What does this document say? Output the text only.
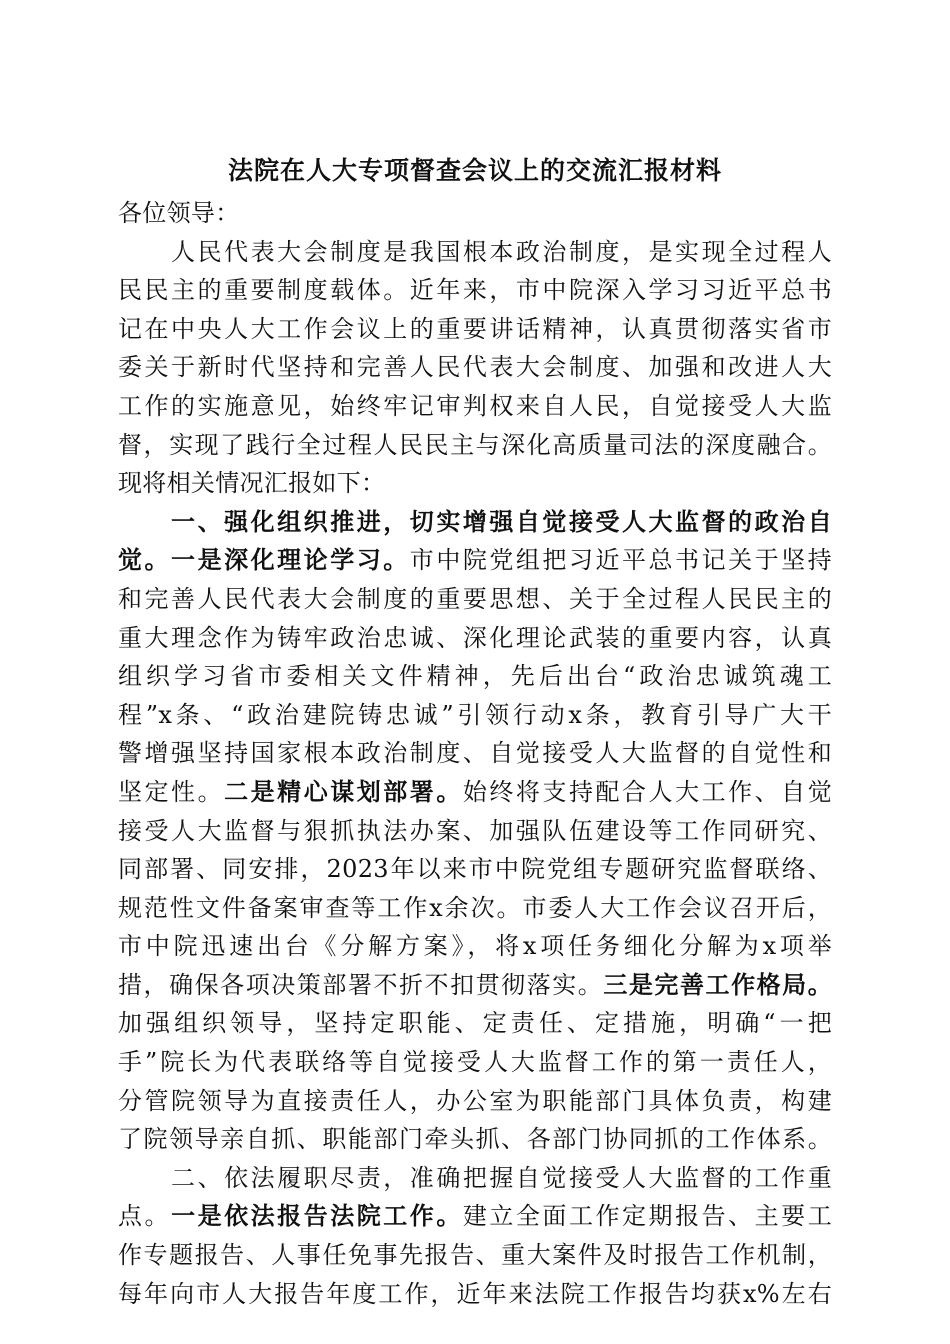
法院在人大专项督查会议上的交流汇报材料
各位领导：
　　人民代表大会制度是我国根本政治制度，是实现全过程人
民民主的重要制度载体。近年来，市中院深入学习习近平总书
记在中央人大工作会议上的重要讲话精神，认真贯彻落实省市
委关于新时代坚持和完善人民代表大会制度、加强和改进人大
工作的实施意见，始终牢记审判权来自人民，自觉接受人大监
督，实现了践行全过程人民民主与深化高质量司法的深度融合。
现将相关情况汇报如下：
　　一、强化组织推进，切实增强自觉接受人大监督的政治自
觉。一是深化理论学习。市中院党组把习近平总书记关于坚持
和完善人民代表大会制度的重要思想、关于全过程人民民主的
重大理念作为铸牢政治忠诚、深化理论武装的重要内容，认真
组织学习省市委相关文件精神，先后出台“政治忠诚筑魂工
程”x条、“政治建院铸忠诚”引领行动x条，教育引导广大干
警增强坚持国家根本政治制度、自觉接受人大监督的自觉性和
坚定性。二是精心谋划部署。始终将支持配合人大工作、自觉
接受人大监督与狠抓执法办案、加强队伍建设等工作同研究、
同部署、同安排，2023年以来市中院党组专题研究监督联络、
规范性文件备案审查等工作x余次。市委人大工作会议召开后，
市中院迅速出台《分解方案》，将x项任务细化分解为x项举
措，确保各项决策部署不折不扣贯彻落实。三是完善工作格局。
加强组织领导，坚持定职能、定责任、定措施，明确“一把
手”院长为代表联络等自觉接受人大监督工作的第一责任人，
分管院领导为直接责任人，办公室为职能部门具体负责，构建
了院领导亲自抓、职能部门牵头抓、各部门协同抓的工作体系。
　　二、依法履职尽责，准确把握自觉接受人大监督的工作重
点。一是依法报告法院工作。建立全面工作定期报告、主要工
作专题报告、人事任免事先报告、重大案件及时报告工作机制，
每年向市人大报告年度工作，近年来法院工作报告均获x%左右
